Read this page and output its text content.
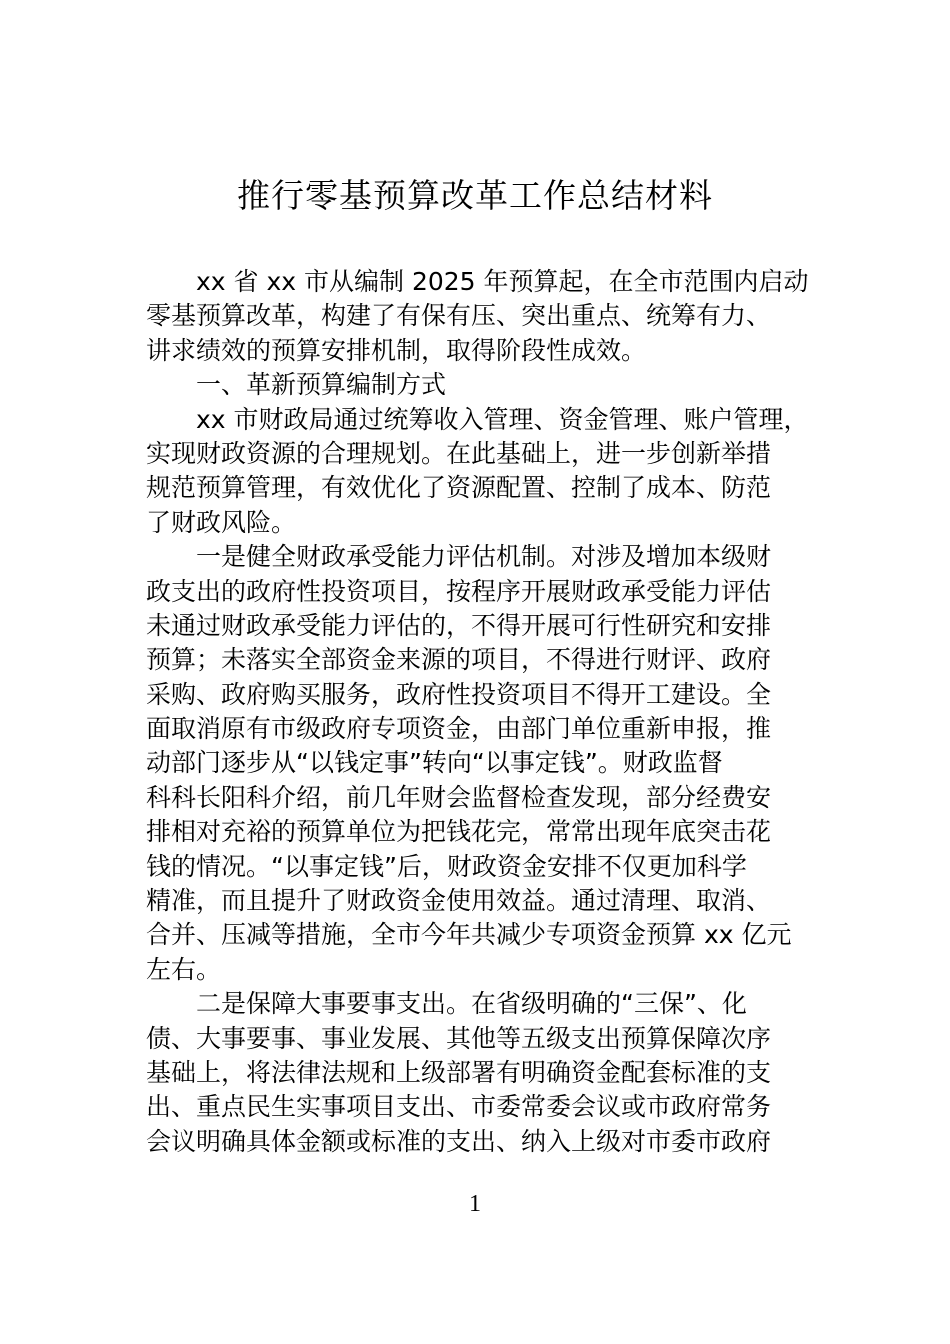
推行零基预算改革工作总结材料
xx 省 xx 市从编制 2025 年预算起，在全市范围内启动
零基预算改革，构建了有保有压、突出重点、统筹有力、
讲求绩效的预算安排机制，取得阶段性成效。
一、革新预算编制方式
xx 市财政局通过统筹收入管理、资金管理、账户管理，
实现财政资源的合理规划。在此基础上，进一步创新举措
规范预算管理，有效优化了资源配置、控制了成本、防范
了财政风险。
一是健全财政承受能力评估机制。对涉及增加本级财
政支出的政府性投资项目，按程序开展财政承受能力评估
未通过财政承受能力评估的，不得开展可行性研究和安排
预算；未落实全部资金来源的项目，不得进行财评、政府
采购、政府购买服务，政府性投资项目不得开工建设。全
面取消原有市级政府专项资金，由部门单位重新申报，推
动部门逐步从“以钱定事”转向“以事定钱”。财政监督
科科长阳科介绍，前几年财会监督检查发现，部分经费安
排相对充裕的预算单位为把钱花完，常常出现年底突击花
钱的情况。“以事定钱”后，财政资金安排不仅更加科学
精准，而且提升了财政资金使用效益。通过清理、取消、
合并、压减等措施，全市今年共减少专项资金预算 xx 亿元
左右。
二是保障大事要事支出。在省级明确的“三保”、化
债、大事要事、事业发展、其他等五级支出预算保障次序
基础上，将法律法规和上级部署有明确资金配套标准的支
出、重点民生实事项目支出、市委常委会议或市政府常务
会议明确具体金额或标准的支出、纳入上级对市委市政府
1
